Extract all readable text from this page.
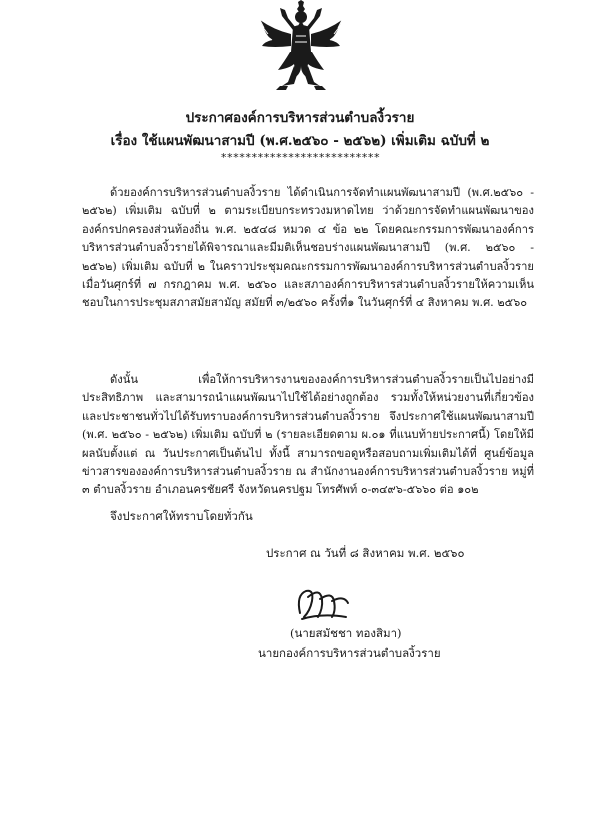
ประกาศองค์การบริหารส่วนตำบลงิ้วราย
เรื่อง ใช้แผนพัฒนาสามปี (พ.ศ.๒๕๖๐ - ๒๕๖๒) เพิ่มเติม ฉบับที่ ๒
**************************
ด้วยองค์การบริหารส่วนตำบลงิ้วราย ได้ดำเนินการจัดทำแผนพัฒนาสามปี (พ.ศ.๒๕๖๐ - ๒๕๖๒) เพิ่มเติม ฉบับที่ ๒ ตามระเบียบกระทรวงมหาดไทย ว่าด้วยการจัดทำแผนพัฒนาขององค์กรปกครองส่วนท้องถิ่น พ.ศ. ๒๕๔๘ หมวด ๔ ข้อ ๒๒ โดยคณะกรรมการพัฒนาองค์การบริหารส่วนตำบลงิ้วรายได้พิจารณาและมีมติเห็นชอบร่างแผนพัฒนาสามปี (พ.ศ. ๒๕๖๐ - ๒๕๖๒) เพิ่มเติม ฉบับที่ ๒ ในคราวประชุมคณะกรรมการพัฒนาองค์การบริหารส่วนตำบลงิ้วราย เมื่อวันศุกร์ที่ ๗ กรกฎาคม พ.ศ. ๒๕๖๐ และสภาองค์การบริหารส่วนตำบลงิ้วรายให้ความเห็นชอบในการประชุมสภาสมัยสามัญ สมัยที่ ๓/๒๕๖๐ ครั้งที่๑ ในวันศุกร์ที่ ๔ สิงหาคม พ.ศ. ๒๕๖๐
ดังนั้น เพื่อให้การบริหารงานขององค์การบริหารส่วนตำบลงิ้วรายเป็นไปอย่างมีประสิทธิภาพ และสามารถนำแผนพัฒนาไปใช้ได้อย่างถูกต้อง รวมทั้งให้หน่วยงานที่เกี่ยวข้องและประชาชนทั่วไปได้รับทราบองค์การบริหารส่วนตำบลงิ้วราย จึงประกาศใช้แผนพัฒนาสามปี (พ.ศ. ๒๕๖๐ - ๒๕๖๒) เพิ่มเติม ฉบับที่ ๒ (รายละเอียดตาม ผ.๐๑ ที่แนบท้ายประกาศนี้) โดยให้มีผลนับตั้งแต่ ณ วันประกาศเป็นต้นไป ทั้งนี้ สามารถขอดูหรือสอบถามเพิ่มเติมได้ที่ ศูนย์ข้อมูลข่าวสารขององค์การบริหารส่วนตำบลงิ้วราย ณ สำนักงานองค์การบริหารส่วนตำบลงิ้วราย หมู่ที่ ๓ ตำบลงิ้วราย อำเภอนครชัยศรี จังหวัดนครปฐม โทรศัพท์ ๐-๓๔๙๖-๕๖๖๐ ต่อ ๑๐๒
จึงประกาศให้ทราบโดยทั่วกัน
ประกาศ ณ วันที่ ๘ สิงหาคม พ.ศ. ๒๕๖๐
(นายสมัชชา ทองสิมา)
นายกองค์การบริหารส่วนตำบลงิ้วราย
